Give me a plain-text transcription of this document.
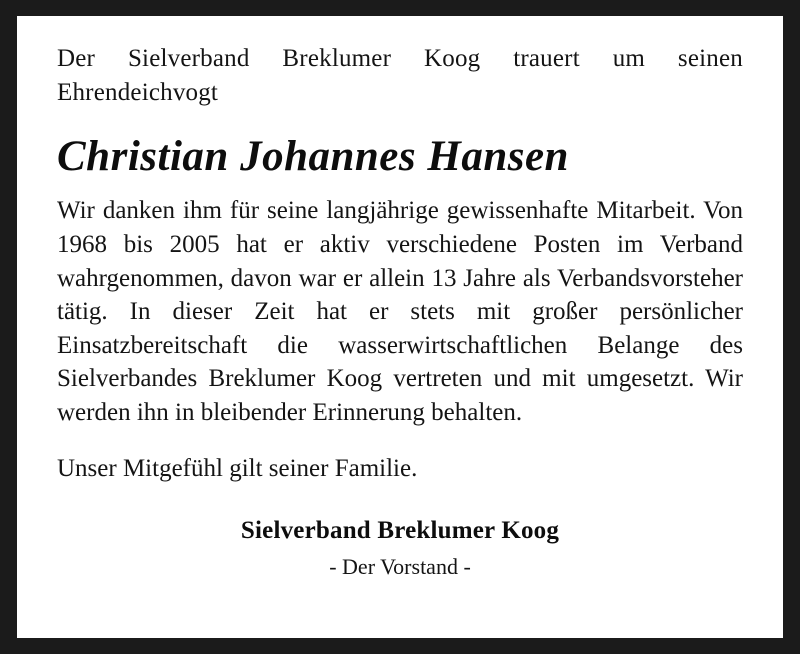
Der Sielverband Breklumer Koog trauert um seinen Ehrendeichvogt

Christian Johannes Hansen

Wir danken ihm für seine langjährige gewissenhafte Mitarbeit. Von 1968 bis 2005 hat er aktiv verschiedene Posten im Verband wahrgenommen, davon war er allein 13 Jahre als Verbandsvorsteher tätig. In dieser Zeit hat er stets mit großer persönlicher Einsatzbereitschaft die wasserwirtschaftlichen Belange des Sielverbandes Breklumer Koog vertreten und mit umgesetzt. Wir werden ihn in bleibender Erinnerung behalten.

Unser Mitgefühl gilt seiner Familie.

Sielverband Breklumer Koog

- Der Vorstand -
